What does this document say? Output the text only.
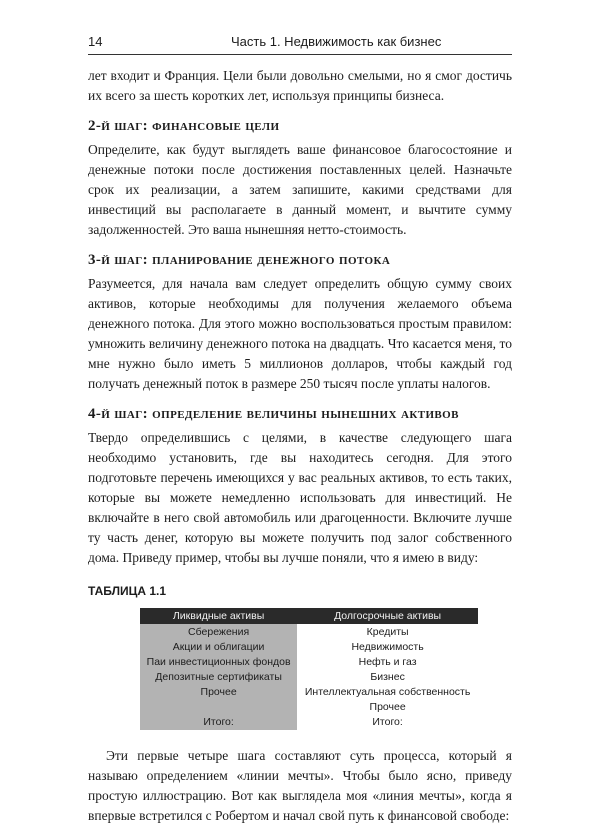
14	Часть 1. Недвижимость как бизнес

лет входит и Франция. Цели были довольно смелыми, но я смог достичь

их всего за шесть коротких лет, используя принципы бизнеса.

2-й шаг: финансовые цели

Определите, как будут выглядеть ваше финансовое благосостояние и денежные потоки после достижения поставленных целей. Назначьте срок их реализации, а затем запишите, какими средствами для инвестиций вы располагаете в данный момент, и вычтите сумму задолженностей. Это ваша нынешняя нетто-стоимость.

3-й шаг: планирование денежного потока

Разумеется, для начала вам следует определить общую сумму своих активов, которые необходимы для получения желаемого объема денежного потока. Для этого можно воспользоваться простым правилом: умножить величину денежного потока на двадцать. Что касается меня, то мне нужно было иметь 5 миллионов долларов, чтобы каждый год получать денежный поток в размере 250 тысяч после уплаты налогов.

4-й шаг: определение величины нынешних активов

Твердо определившись с целями, в качестве следующего шага необходимо установить, где вы находитесь сегодня. Для этого подготовьте перечень имеющихся у вас реальных активов, то есть таких, которые вы можете немедленно использовать для инвестиций. Не включайте в него свой автомобиль или драгоценности. Включите лучше ту часть денег, которую вы можете получить под залог собственного дома. Приведу пример, чтобы вы лучше поняли, что я имею в виду:

ТАБЛИЦА 1.1
Ликвидные активы	Долгосрочные активы
Сбережения	Кредиты
Акции и облигации	Недвижимость
Паи инвестиционных фондов	Нефть и газ
Депозитные сертификаты	Бизнес
Прочее	Интеллектуальная собственность
	Прочее
Итого:	Итого:

Эти первые четыре шага составляют суть процесса, который я называю определением «линии мечты». Чтобы было ясно, приведу простую иллюстрацию. Вот как выглядела моя «линия мечты», когда я впервые встретился с Робертом и начал свой путь к финансовой свободе:
